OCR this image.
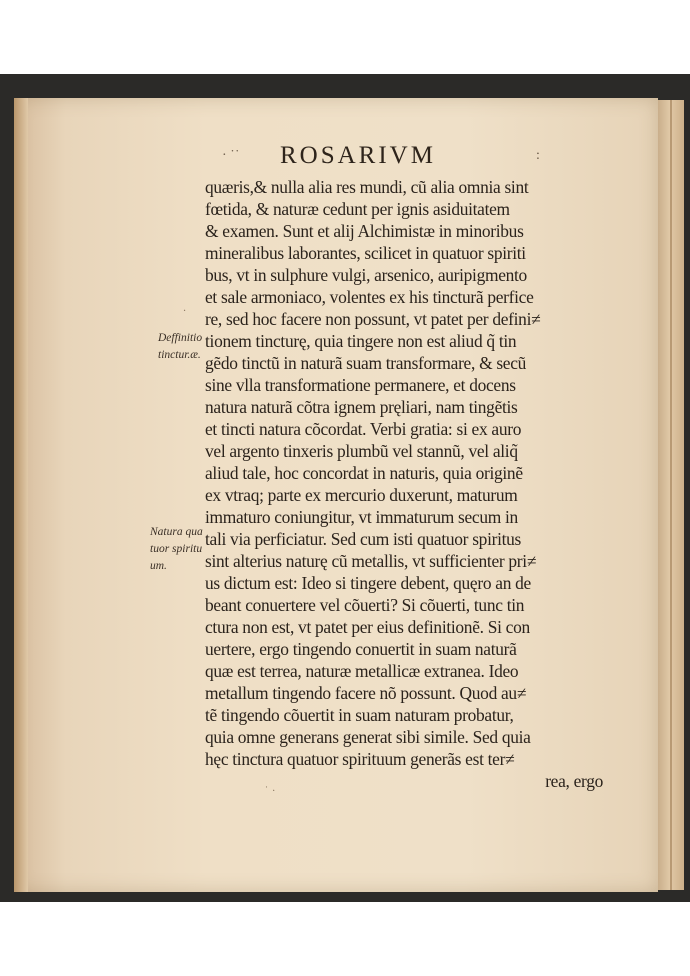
· ˙˙ ROSARIVM	:
Deffinitio
tinctur.æ.
Natura qua
tuor spiritu
um.
·
˙ ·
quæris,& nulla alia res mundi, cũ alia omnia sint
fœtida, & naturæ cedunt per ignis asiduitatem
& examen. Sunt et alij Alchimistæ in minoribus
mineralibus laborantes, scilicet in quatuor spiriti
bus, vt in sulphure vulgi, arsenico, auripigmento
et sale armoniaco, volentes ex his tincturã perfice
re, sed hoc facere non possunt, vt patet per defini≠
tionem tincturę, quia tingere non est aliud q̃ tin
gẽdo tinctũ in naturã suam transformare, & secũ
sine vlla transformatione permanere, et docens
natura naturã cõtra ignem pręliari, nam tingẽtis
et tincti natura cõcordat. Verbi gratia: si ex auro
vel argento tinxeris plumbũ vel stannũ, vel aliq̃
aliud tale, hoc concordat in naturis, quia originẽ
ex vtraq; parte ex mercurio duxerunt, maturum
immaturo coniungitur, vt immaturum secum in
tali via perficiatur. Sed cum isti quatuor spiritus
sint alterius naturę cũ metallis, vt sufficienter pri≠
us dictum est: Ideo si tingere debent, quęro an de
beant conuertere vel cõuerti? Si cõuerti, tunc tin
ctura non est, vt patet per eius definitionẽ. Si con
uertere, ergo tingendo conuertit in suam naturã
quæ est terrea, naturæ metallicæ extranea. Ideo
metallum tingendo facere nõ possunt. Quod au≠
tẽ tingendo cõuertit in suam naturam probatur,
quia omne generans generat sibi simile. Sed quia
hęc tinctura quatuor spirituum generãs est ter≠
rea, ergo
